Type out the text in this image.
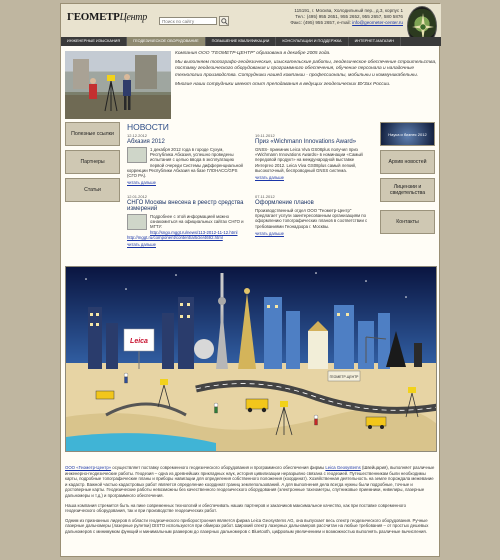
ГЕОМЕТРЦентр
Поиск по сайту
115191, г. Москва, Холодильный пер., д.3, корпус 1
Тел.: (495) 955 2651, 955 2652, 955 2657, 580 5876
Факс: (495) 955 2657, e-mail: info@geometer-center.ru
ИНЖЕНЕРНЫЕ ИЗЫСКАНИЯ	ГЕОДЕЗИЧЕСКОЕ ОБОРУДОВАНИЕ	ПОВЫШЕНИЕ КВАЛИФИКАЦИИ	КОНСУЛЬТАЦИИ И ПОДДЕРЖКА	ИНТЕРНЕТ-МАГАЗИН

Компания ООО "ГЕОМЕТР-ЦЕНТР" образована в декабре 2005 года.

Мы выполняем топографо-геодезические, изыскательские работы, геодезическое обеспечение строительства, поставку геодезического оборудования и программного обеспечения, обучение персонала и наладочные технологии производства. Сотрудники нашей компании - профессионалы, мобильны и коммуникабельны.

Многие наши сотрудники имеют опыт преподавания в ведущих геодезических ВУЗах России.

Полезные ссылки
Партнеры
Статьи
Наука и бизнес 2012
Архив новостей
Лицензии и свидетельства
Контакты
НОВОСТИ
12.12.2012
Абхазия 2012
1 декабря 2012 года в городе Сухум, Республика Абхазия, успешно проведены испытания с целью ввода в эксплуатацию первой очереди Системы дифференциальной коррекции Республики Абхазия на базе ГЛОНАСС/GPS (СГО РА).
читать дальше
19.11.2012
Приз «Wichmann Innovations Award»
GNSS- приемник Leica Viva GS08plus получил приз «Wichmann Innovations Awards» в номинации «Самый передовой продукт» на международной выставке Интергео 2012. Leica Viva GS08plus самый легкий, высокоточный, беспроводный GNSS система.
читать дальше
12.01.2012
СНГО Москвы внесена в реестр средства измерений
Подробнее с этой информацией можно ознакомиться на официальных сайтах СНГО и МГТУ:
http://sngo.mggt.ru/news/113-2012-11-12.html
http://mggt.ru/component/content/article/4692.html
читать дальше
07.11.2012
Оформление планов
Производственный отдел ООО "Геометр-Центр" предлагает услуги заинтересованным организациям по оформлению топографических планов в соответствии с требованиями Геонадзора г. Москвы.
читать дальше
Leica
ГЕОМЕТР-ЦЕНТР

ООО «Геометр-Центр» осуществляет поставку современного геодезического оборудования и программного обеспечения фирмы Leica Geosystems (Швейцария), выполняет различные инженерно-геодезические работы. Геодезия – одна из древнейших прикладных наук, история цивилизации неразрывно связана с геодезией. Путешественникам были необходимы карты, подробные топографические планы и приборы навигации для определения собственного положения (координат). Хозяйственная деятельность на земле порождала межевание и кадастр. Важной частью кадастровых работ является определение координат границ землепользований. А для выполнения дела всегда нужны были подробные, точные и достоверные карты. Геодезические работы невозможны без качественного геодезического оборудования (электронные тахеометры, спутниковые приемники, нивелиры, лазерные дальномеры и т.д.) и программного обеспечения.

Наша компания стремится быть на пике современных технологий и обеспечивать наших партнеров и заказчиков максимальное качество, как при поставке современного геодезического оборудования, так и при производстве геодезических работ.

Одним из признанных лидеров в области геодезического приборостроения является фирма Leica Geosystems AG, она выпускает весь спектр геодезического оборудования. Ручные лазерные дальномеры (лазерные рулетки) DISTO используются при обмерах работ. Широкий спектр лазерных дальномеров рассчитан на любые требования – от простых дешевых дальномеров с минимумом функций и минимальным размером до лазерных дальномеров с Bluetooth, цифровым увеличением и возможностью выполнять различные вычисления.
